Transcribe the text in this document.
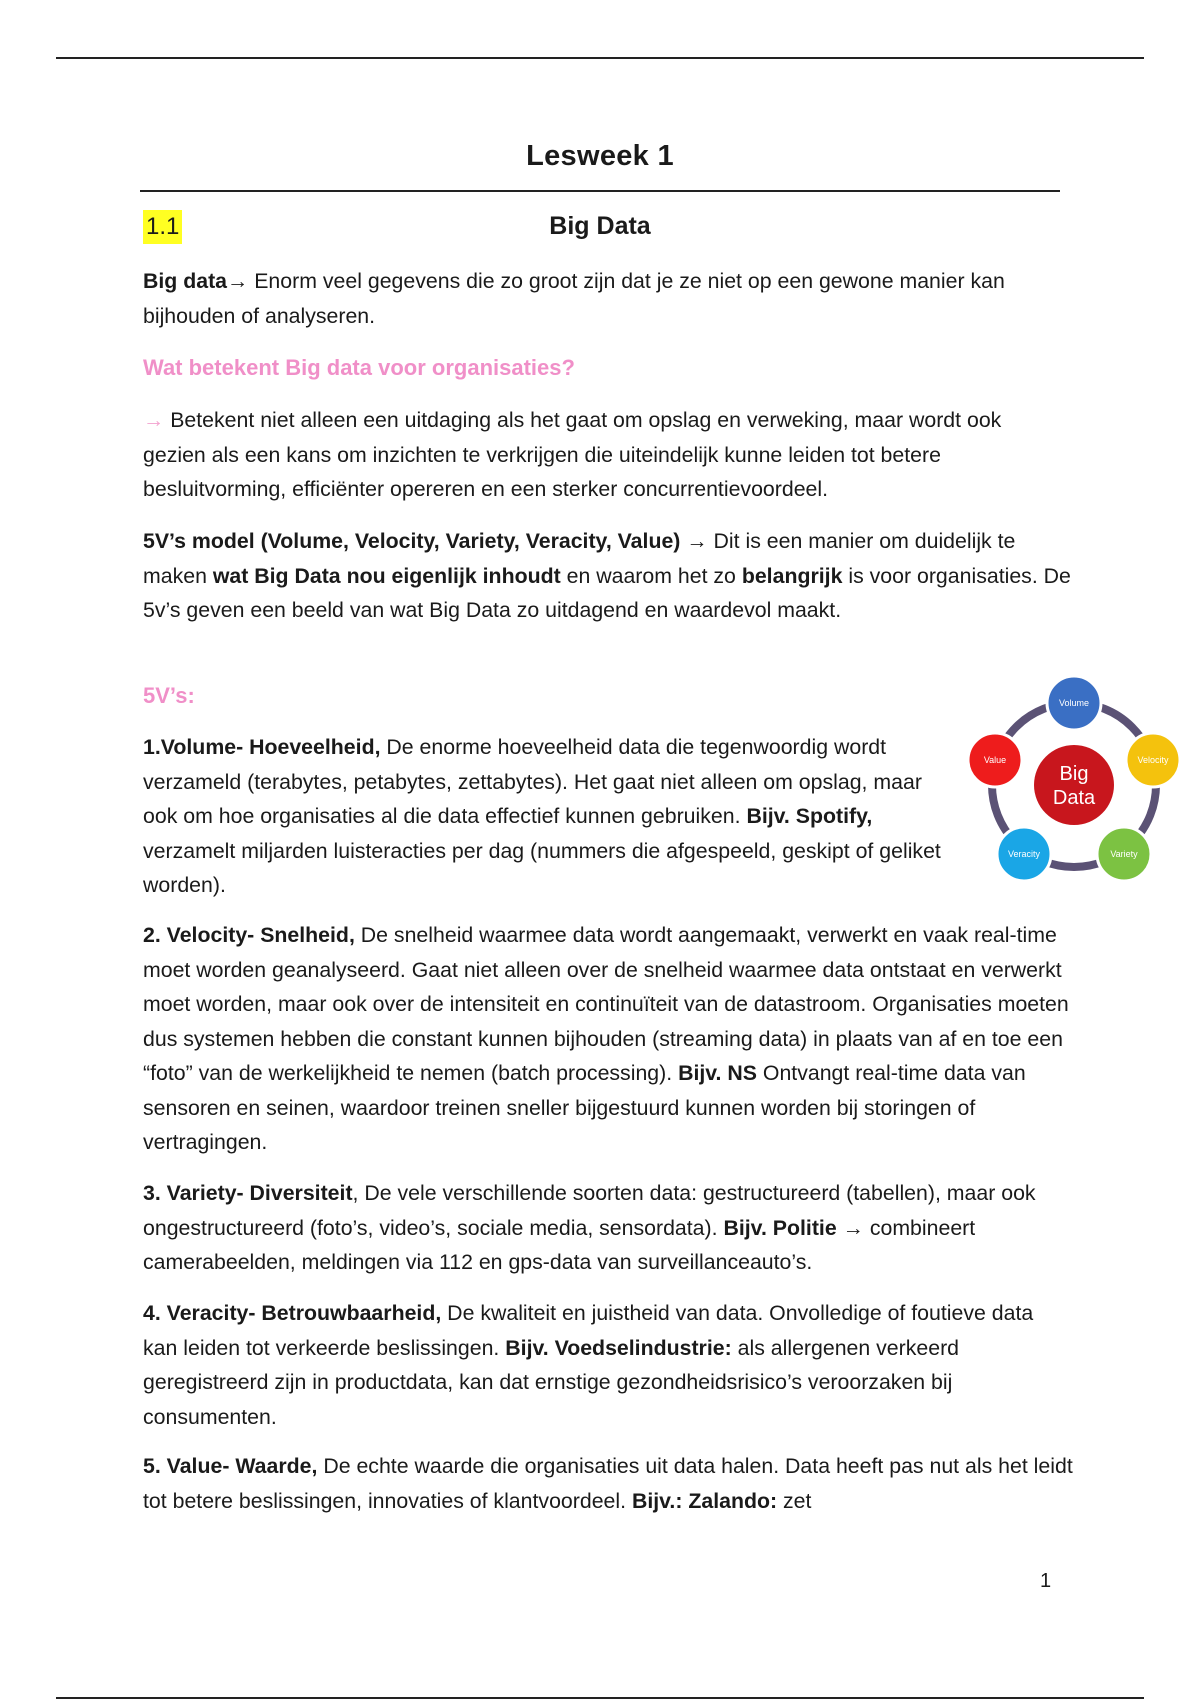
Lesweek 1
1.1	Big Data

Big data→ Enorm veel gegevens die zo groot zijn dat je ze niet op een gewone manier kan bijhouden of analyseren.

Wat betekent Big data voor organisaties?

→ Betekent niet alleen een uitdaging als het gaat om opslag en verweking, maar wordt ook gezien als een kans om inzichten te verkrijgen die uiteindelijk kunne leiden tot betere besluitvorming, efficiënter opereren en een sterker concurrentievoordeel.

5V’s model (Volume, Velocity, Variety, Veracity, Value) → Dit is een manier om duidelijk te maken wat Big Data nou eigenlijk inhoudt en waarom het zo belangrijk is voor organisaties. De 5v’s geven een beeld van wat Big Data zo uitdagend en waardevol maakt.

5V’s:

1.Volume- Hoeveelheid, De enorme hoeveelheid data die tegenwoordig wordt verzameld (terabytes, petabytes, zettabytes). Het gaat niet alleen om opslag, maar ook om hoe organisaties al die data effectief kunnen gebruiken. Bijv. Spotify, verzamelt miljarden luisteracties per dag (nummers die afgespeeld, geskipt of geliket worden).

2. Velocity- Snelheid, De snelheid waarmee data wordt aangemaakt, verwerkt en vaak real-time moet worden geanalyseerd. Gaat niet alleen over de snelheid waarmee data ontstaat en verwerkt moet worden, maar ook over de intensiteit en continuïteit van de datastroom. Organisaties moeten dus systemen hebben die constant kunnen bijhouden (streaming data) in plaats van af en toe een “foto” van de werkelijkheid te nemen (batch processing). Bijv. NS Ontvangt real-time data van sensoren en seinen, waardoor treinen sneller bijgestuurd kunnen worden bij storingen of vertragingen.

3. Variety- Diversiteit, De vele verschillende soorten data: gestructureerd (tabellen), maar ook ongestructureerd (foto’s, video’s, sociale media, sensordata). Bijv. Politie → combineert camerabeelden, meldingen via 112 en gps-data van surveillanceauto’s.

4. Veracity- Betrouwbaarheid, De kwaliteit en juistheid van data. Onvolledige of foutieve data kan leiden tot verkeerde beslissingen. Bijv. Voedselindustrie: als allergenen verkeerd geregistreerd zijn in productdata, kan dat ernstige gezondheidsrisico’s veroorzaken bij consumenten.

5. Value- Waarde, De echte waarde die organisaties uit data halen. Data heeft pas nut als het leidt tot betere beslissingen, innovaties of klantvoordeel. Bijv.: Zalando: zet

Big
Data
Volume
Velocity
Variety
Veracity
Value
1
